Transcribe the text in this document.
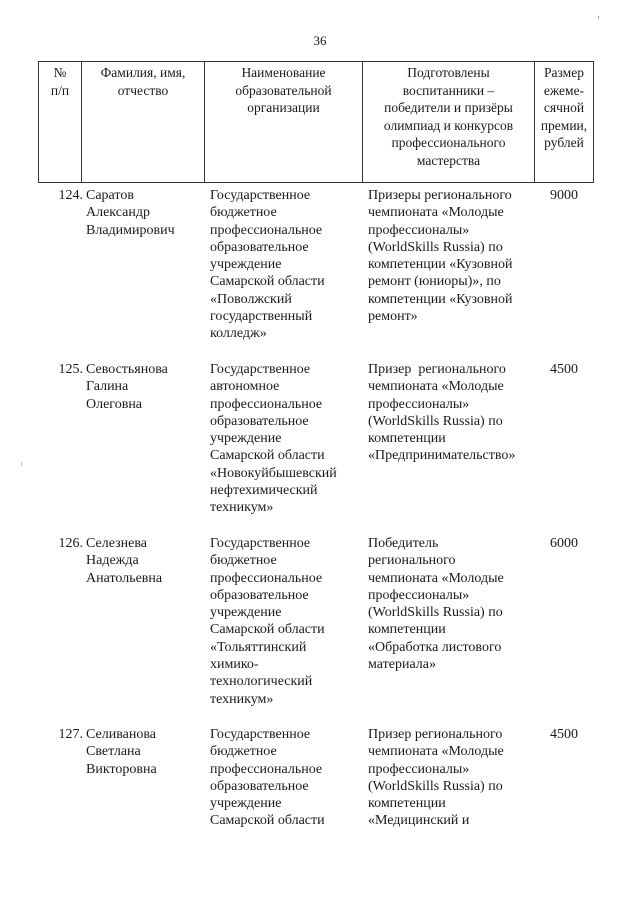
36
№
п/п
Фамилия, имя,
отчество
Наименование
образовательной
организации
Подготовлены
воспитанники –
победители и призёры
олимпиад и конкурсов
профессионального
мастерства
Размер
ежеме-
сячной
премии,
рублей
124. Саратов
Александр
Владимирович
Государственное
бюджетное
профессиональное
образовательное
учреждение
Самарской области
«Поволжский
государственный
колледж»
Призеры регионального
чемпионата «Молодые
профессионалы»
(WorldSkills Russia) по
компетенции «Кузовной
ремонт (юниоры)», по
компетенции «Кузовной
ремонт»
9000
125. Севостьянова
Галина
Олеговна
Государственное
автономное
профессиональное
образовательное
учреждение
Самарской области
«Новокуйбышевский
нефтехимический
техникум»
Призер  регионального
чемпионата «Молодые
профессионалы»
(WorldSkills Russia) по
компетенции
«Предпринимательство»
4500
126. Селезнева
Надежда
Анатольевна
Государственное
бюджетное
профессиональное
образовательное
учреждение
Самарской области
«Тольяттинский
химико-
технологический
техникум»
Победитель
регионального
чемпионата «Молодые
профессионалы»
(WorldSkills Russia) по
компетенции
«Обработка листового
материала»
6000
127. Селиванова
Светлана
Викторовна
Государственное
бюджетное
профессиональное
образовательное
учреждение
Самарской области
Призер регионального
чемпионата «Молодые
профессионалы»
(WorldSkills Russia) по
компетенции
«Медицинский и
4500
